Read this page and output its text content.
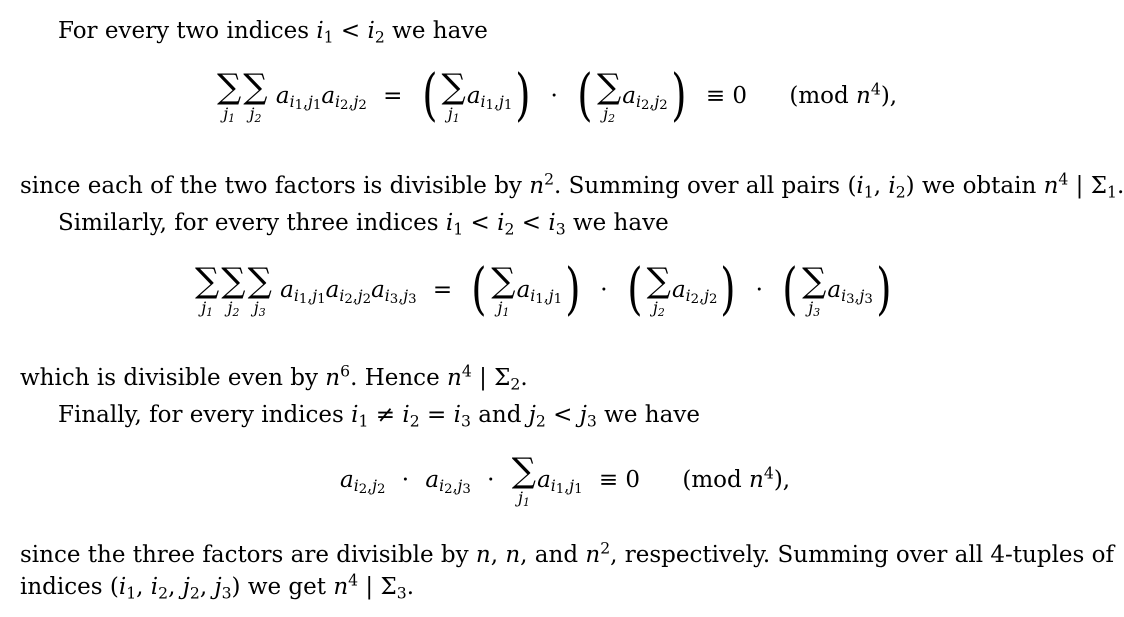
For every two indices $i_1 < i_2$ we have
∑
$j_1$
∑
$j_2$
$a_{i_1,j_1}a_{i_2,j_2}$ = ( ∑
$j_1$
$a_{i_1,j_1}$) · ( ∑
$j_2$
$a_{i_2,j_2}) \equiv 0$ (mod $n^4$),
since each of the two factors is divisible by $n^2$. Summing over all pairs ($i_1$, $i_2$) we obtain $n^4$ | $\Sigma_1$.
Similarly, for every three indices $i_1 < i_2 < i_3$ we have
∑
$j_1$
∑
$j_2$
∑
$j_3$
$a_{i_1,j_1}a_{i_2,j_2}a_{i_3,j_3}$ = ( ∑
$j_1$
$a_{i_1,j_1}$) · ( ∑
$j_2$
$a_{i_2,j_2}$) · ( ∑
$j_3$
$a_{i_3,j_3}$)
which is divisible even by $n^6$. Hence $n^4$ | $\Sigma_2$.
Finally, for every indices $i_1 \ne i_2 = i_3$ and $j_2 < j_3$ we have
$a_{i_2,j_2} \cdot a_{i_2,j_3}$ · ∑
$j_1$
$a_{i_1,j_1} \equiv 0$ (mod $n^4$),
since the three factors are divisible by n, n, and $n^2$, respectively. Summing over all 4-tuples of
indices ($i_1$, $i_2$, $j_2$, $j_3$) we get $n^4$ | $\Sigma_3$.
